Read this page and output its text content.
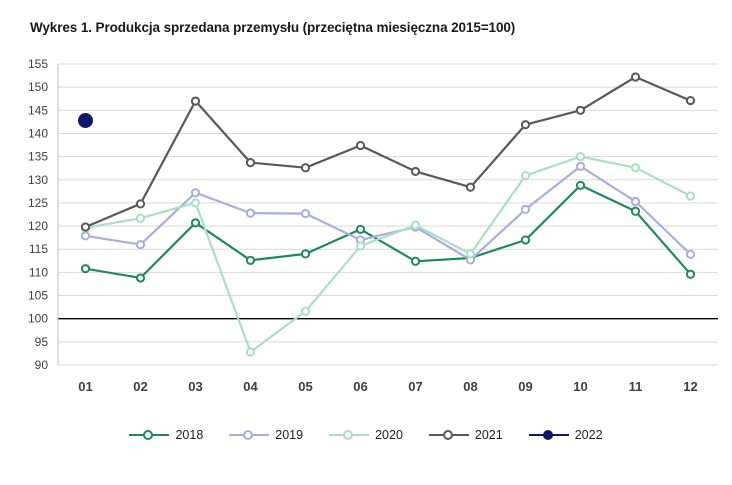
Wykres 1. Produkcja sprzedana przemysłu (przeciętna miesięczna 2015=100)
90
95
100
105
110
115
120
125
130
135
140
145
150
155
01	02	03	04	05	06	07	08	09	10	11	12
2018	2019	2020	2021	2022
